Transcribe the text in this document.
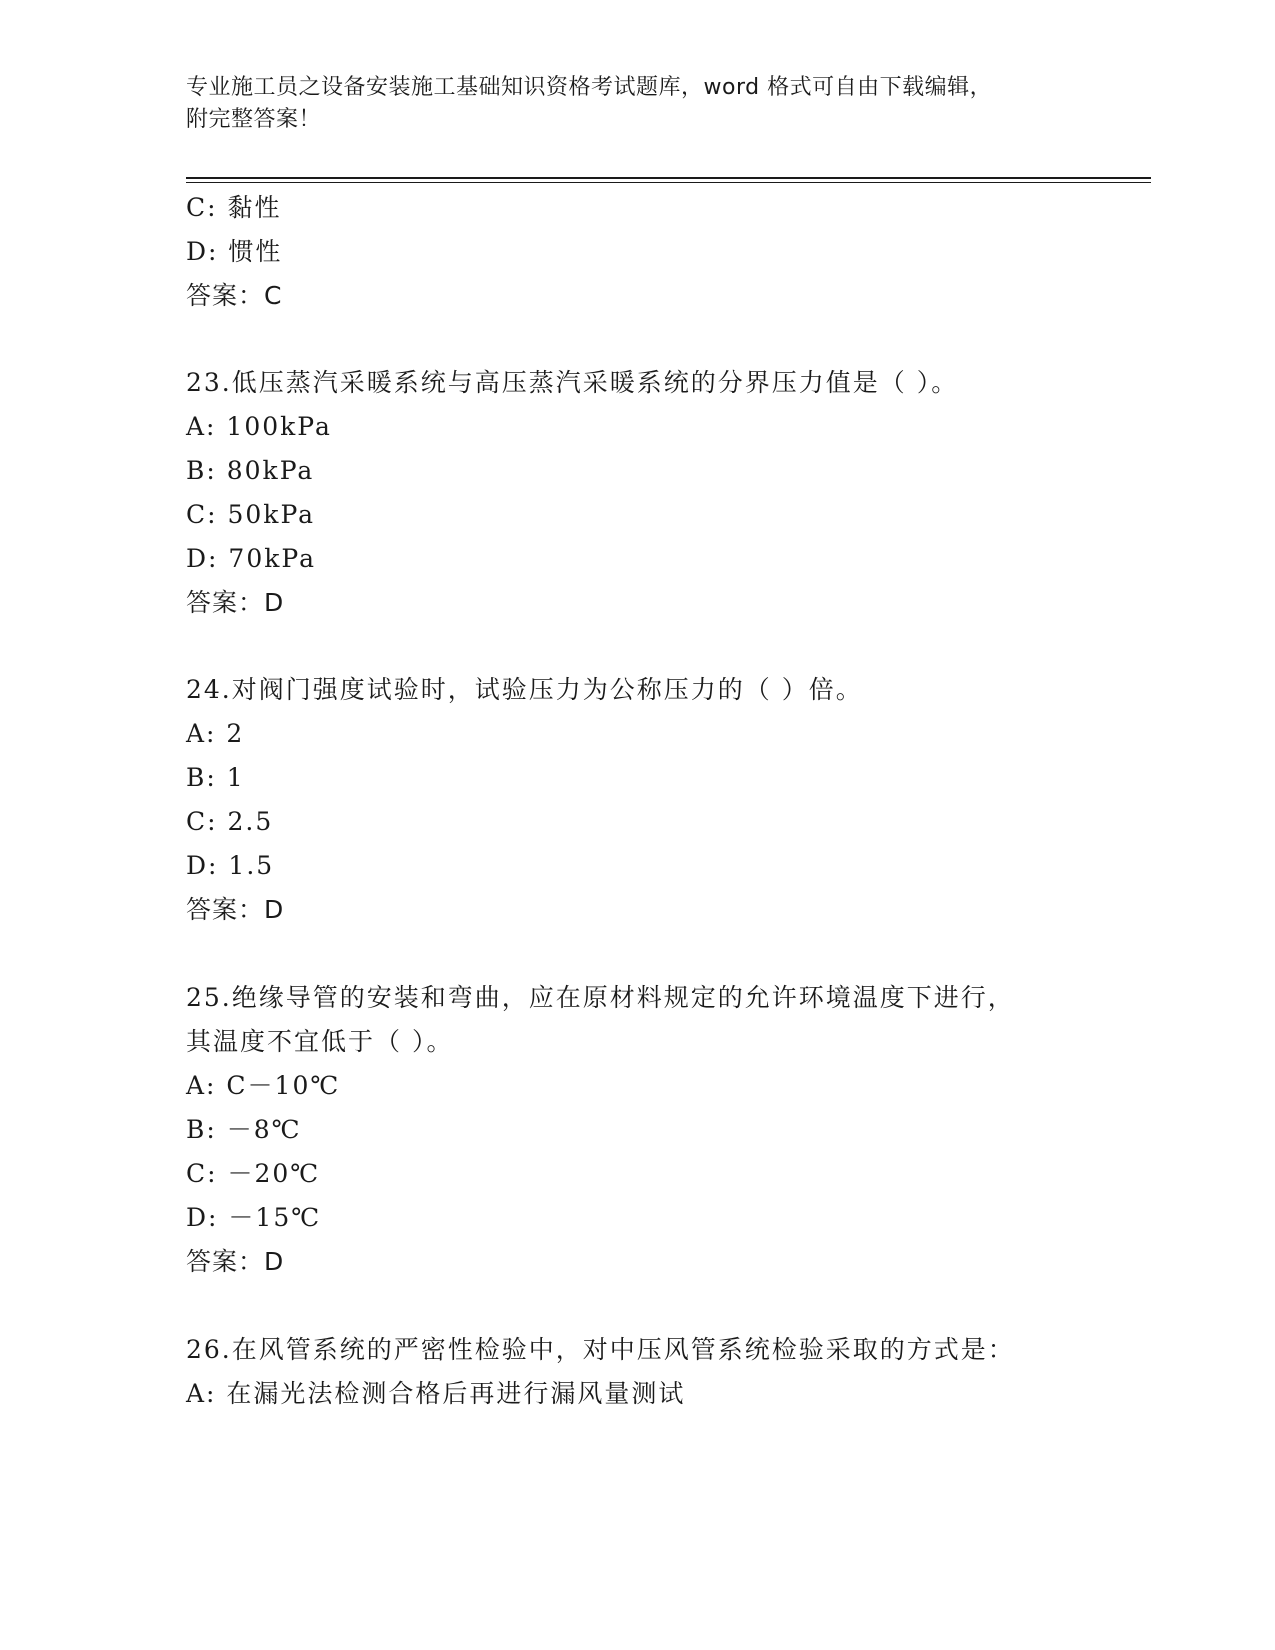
专业施工员之设备安装施工基础知识资格考试题库，word 格式可自由下载编辑，
附完整答案！
C: 黏性
D: 惯性
答案：C
23.低压蒸汽采暖系统与高压蒸汽采暖系统的分界压力值是（ ）。
A: 100kPa
B: 80kPa
C: 50kPa
D: 70kPa
答案：D
24.对阀门强度试验时，试验压力为公称压力的（ ）倍。
A: 2
B: 1
C: 2.5
D: 1.5
答案：D
25.绝缘导管的安装和弯曲，应在原材料规定的允许环境温度下进行，
其温度不宜低于（ ）。
A: C－10℃
B: －8℃
C: －20℃
D: －15℃
答案：D
26.在风管系统的严密性检验中，对中压风管系统检验采取的方式是：
A: 在漏光法检测合格后再进行漏风量测试
